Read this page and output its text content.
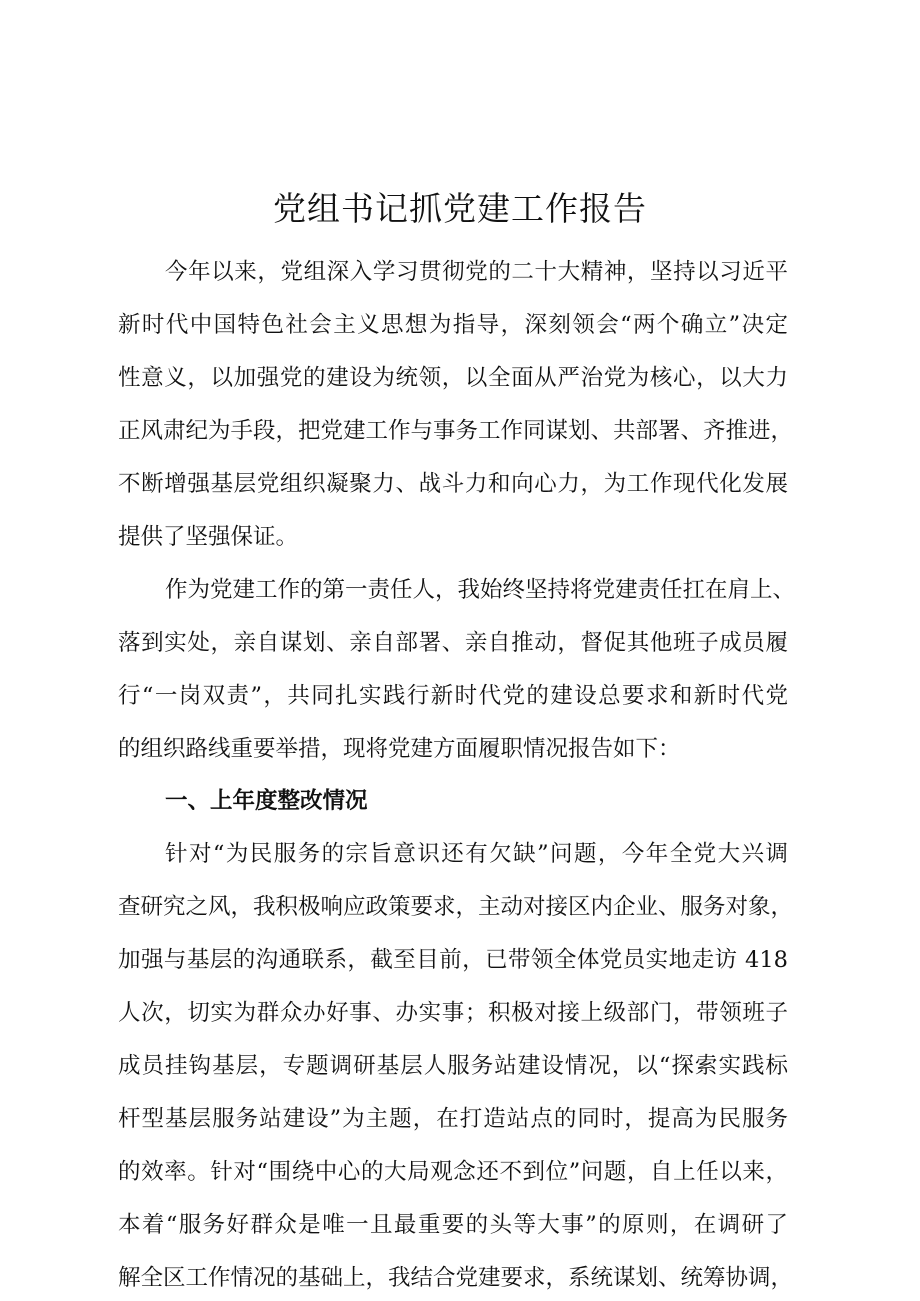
党组书记抓党建工作报告

今年以来，党组深入学习贯彻党的二十大精神，坚持以习近平

新时代中国特色社会主义思想为指导，深刻领会“两个确立”决定

性意义，以加强党的建设为统领，以全面从严治党为核心，以大力

正风肃纪为手段，把党建工作与事务工作同谋划、共部署、齐推进，

不断增强基层党组织凝聚力、战斗力和向心力，为工作现代化发展

提供了坚强保证。

作为党建工作的第一责任人，我始终坚持将党建责任扛在肩上、

落到实处，亲自谋划、亲自部署、亲自推动，督促其他班子成员履

行“一岗双责”，共同扎实践行新时代党的建设总要求和新时代党

的组织路线重要举措，现将党建方面履职情况报告如下：

一、上年度整改情况

针对“为民服务的宗旨意识还有欠缺”问题，今年全党大兴调

查研究之风，我积极响应政策要求，主动对接区内企业、服务对象，

加强与基层的沟通联系，截至目前，已带领全体党员实地走访 418

人次，切实为群众办好事、办实事；积极对接上级部门，带领班子

成员挂钩基层，专题调研基层人服务站建设情况，以“探索实践标

杆型基层服务站建设”为主题，在打造站点的同时，提高为民服务

的效率。针对“围绕中心的大局观念还不到位”问题，自上任以来，

本着“服务好群众是唯一且最重要的头等大事”的原则，在调研了

解全区工作情况的基础上，我结合党建要求，系统谋划、统筹协调，
